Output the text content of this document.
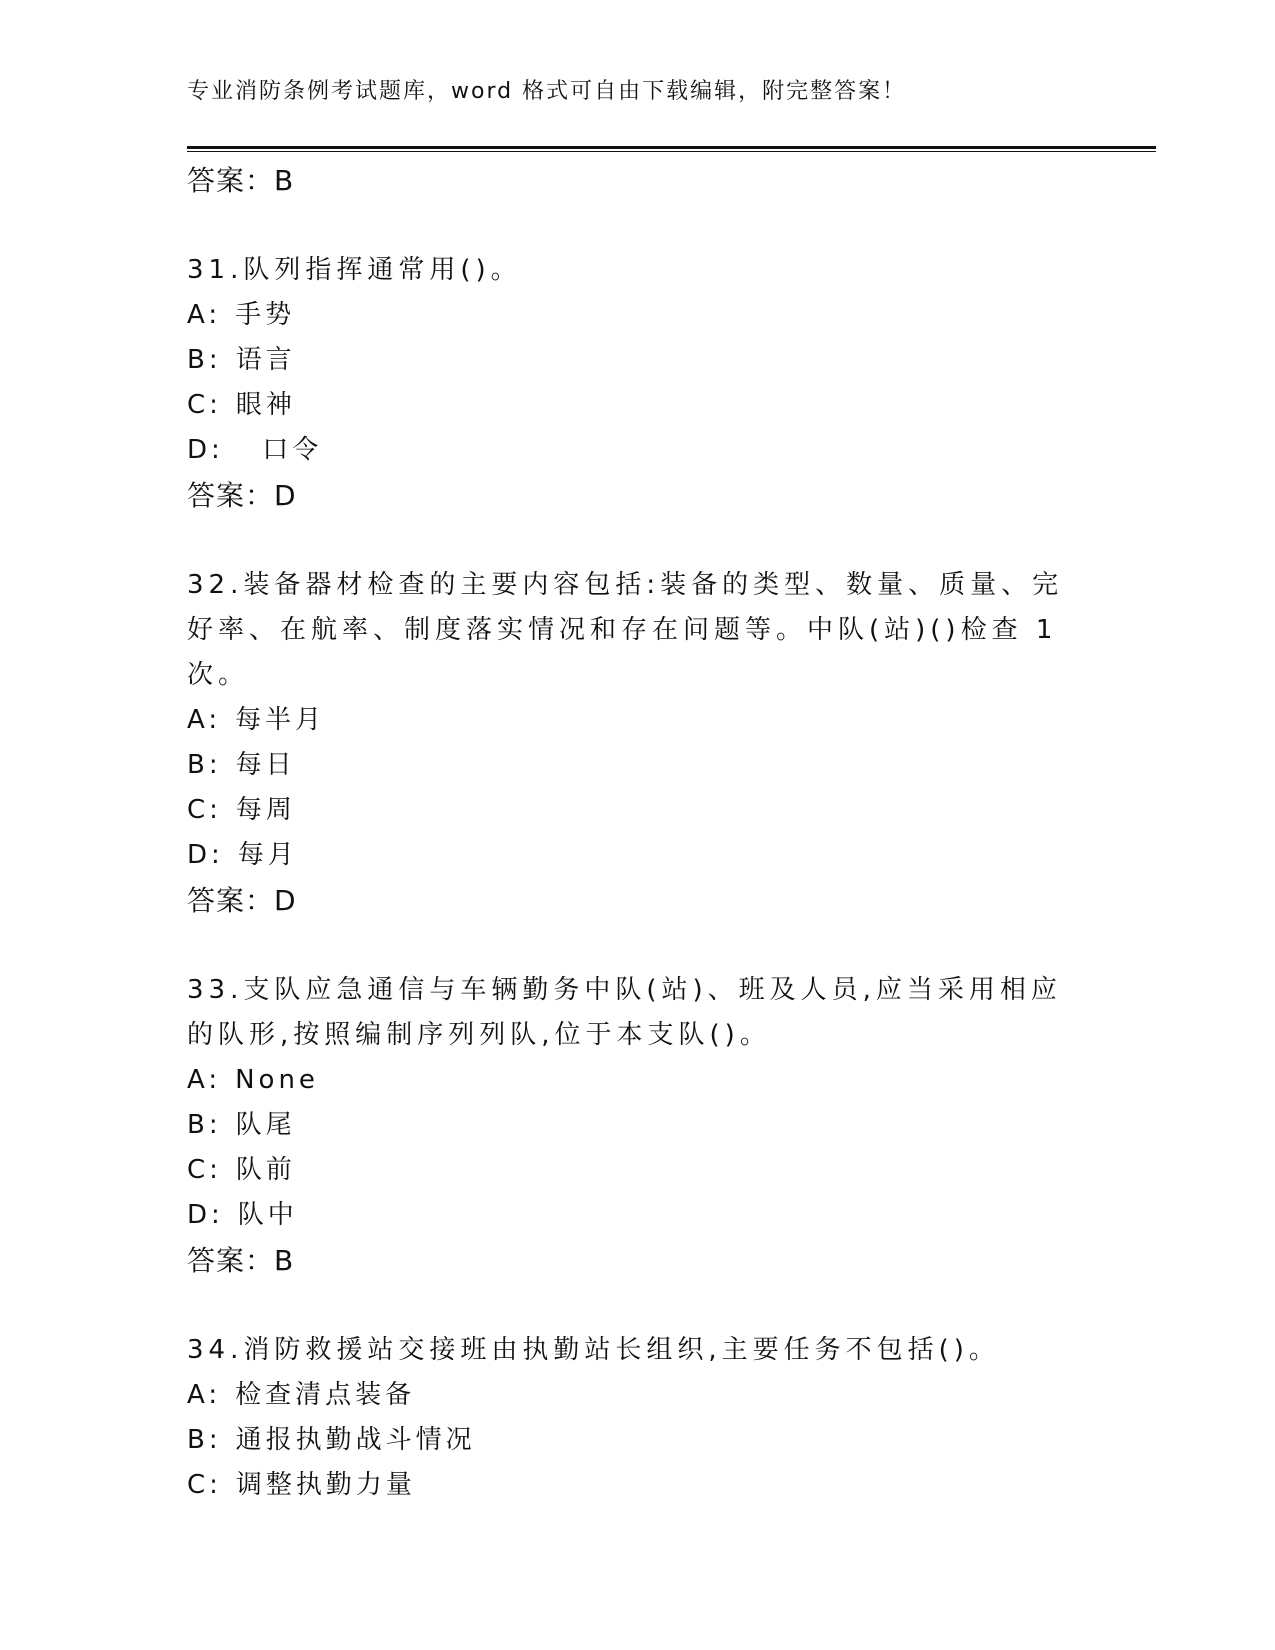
专业消防条例考试题库，word 格式可自由下载编辑，附完整答案！
答案：B
31.队列指挥通常用()。
A: 手势
B: 语言
C: 眼神
D:  口令
答案：D
32.装备器材检查的主要内容包括:装备的类型、数量、质量、完好率、在航率、制度落实情况和存在问题等。中队(站)()检查 1 次。
A: 每半月
B: 每日
C: 每周
D: 每月
答案：D
33.支队应急通信与车辆勤务中队(站)、班及人员,应当采用相应的队形,按照编制序列列队,位于本支队()。
A: None
B: 队尾
C: 队前
D: 队中
答案：B
34.消防救援站交接班由执勤站长组织,主要任务不包括()。
A: 检查清点装备
B: 通报执勤战斗情况
C: 调整执勤力量
